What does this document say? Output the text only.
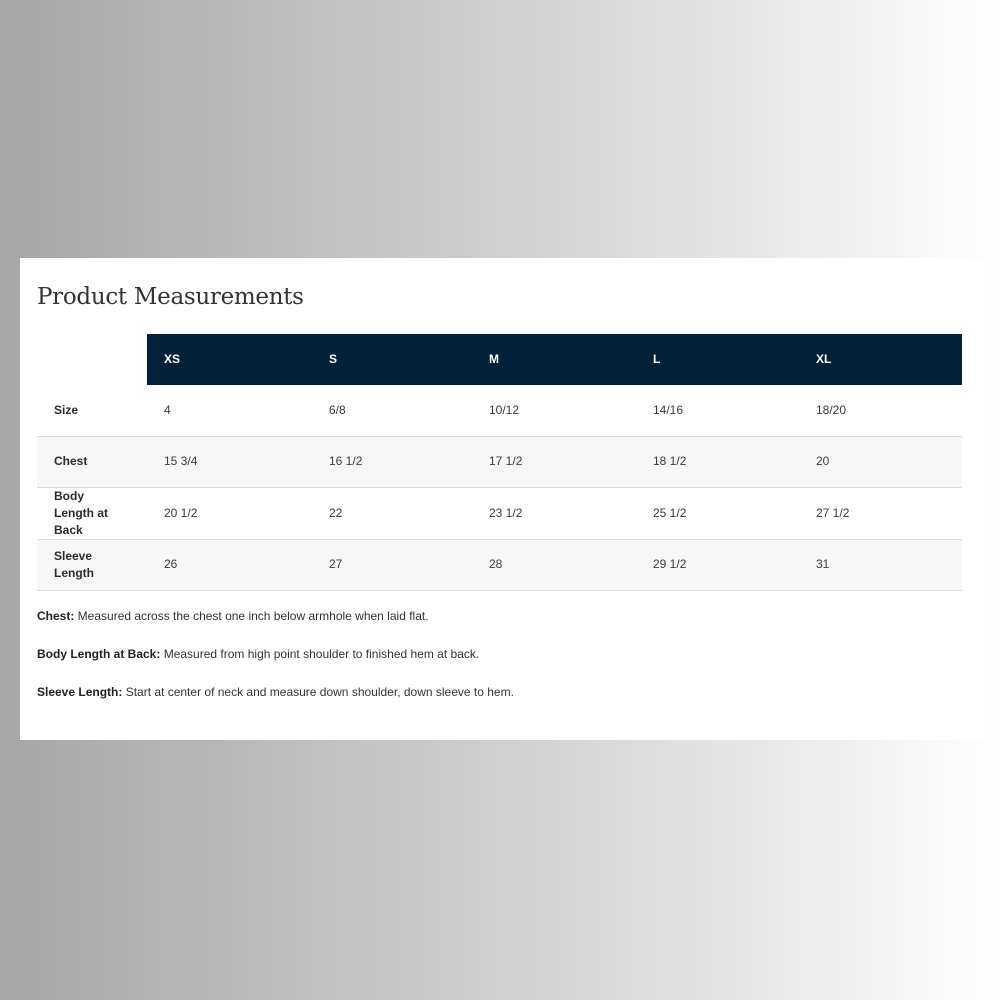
Product Measurements
	XS	S	M	L	XL
Size	4	6/8	10/12	14/16	18/20
Chest	15 3/4	16 1/2	17 1/2	18 1/2	20
Body Length at Back	20 1/2	22	23 1/2	25 1/2	27 1/2
Sleeve Length	26	27	28	29 1/2	31

Chest: Measured across the chest one inch below armhole when laid flat.

Body Length at Back: Measured from high point shoulder to finished hem at back.

Sleeve Length: Start at center of neck and measure down shoulder, down sleeve to hem.
